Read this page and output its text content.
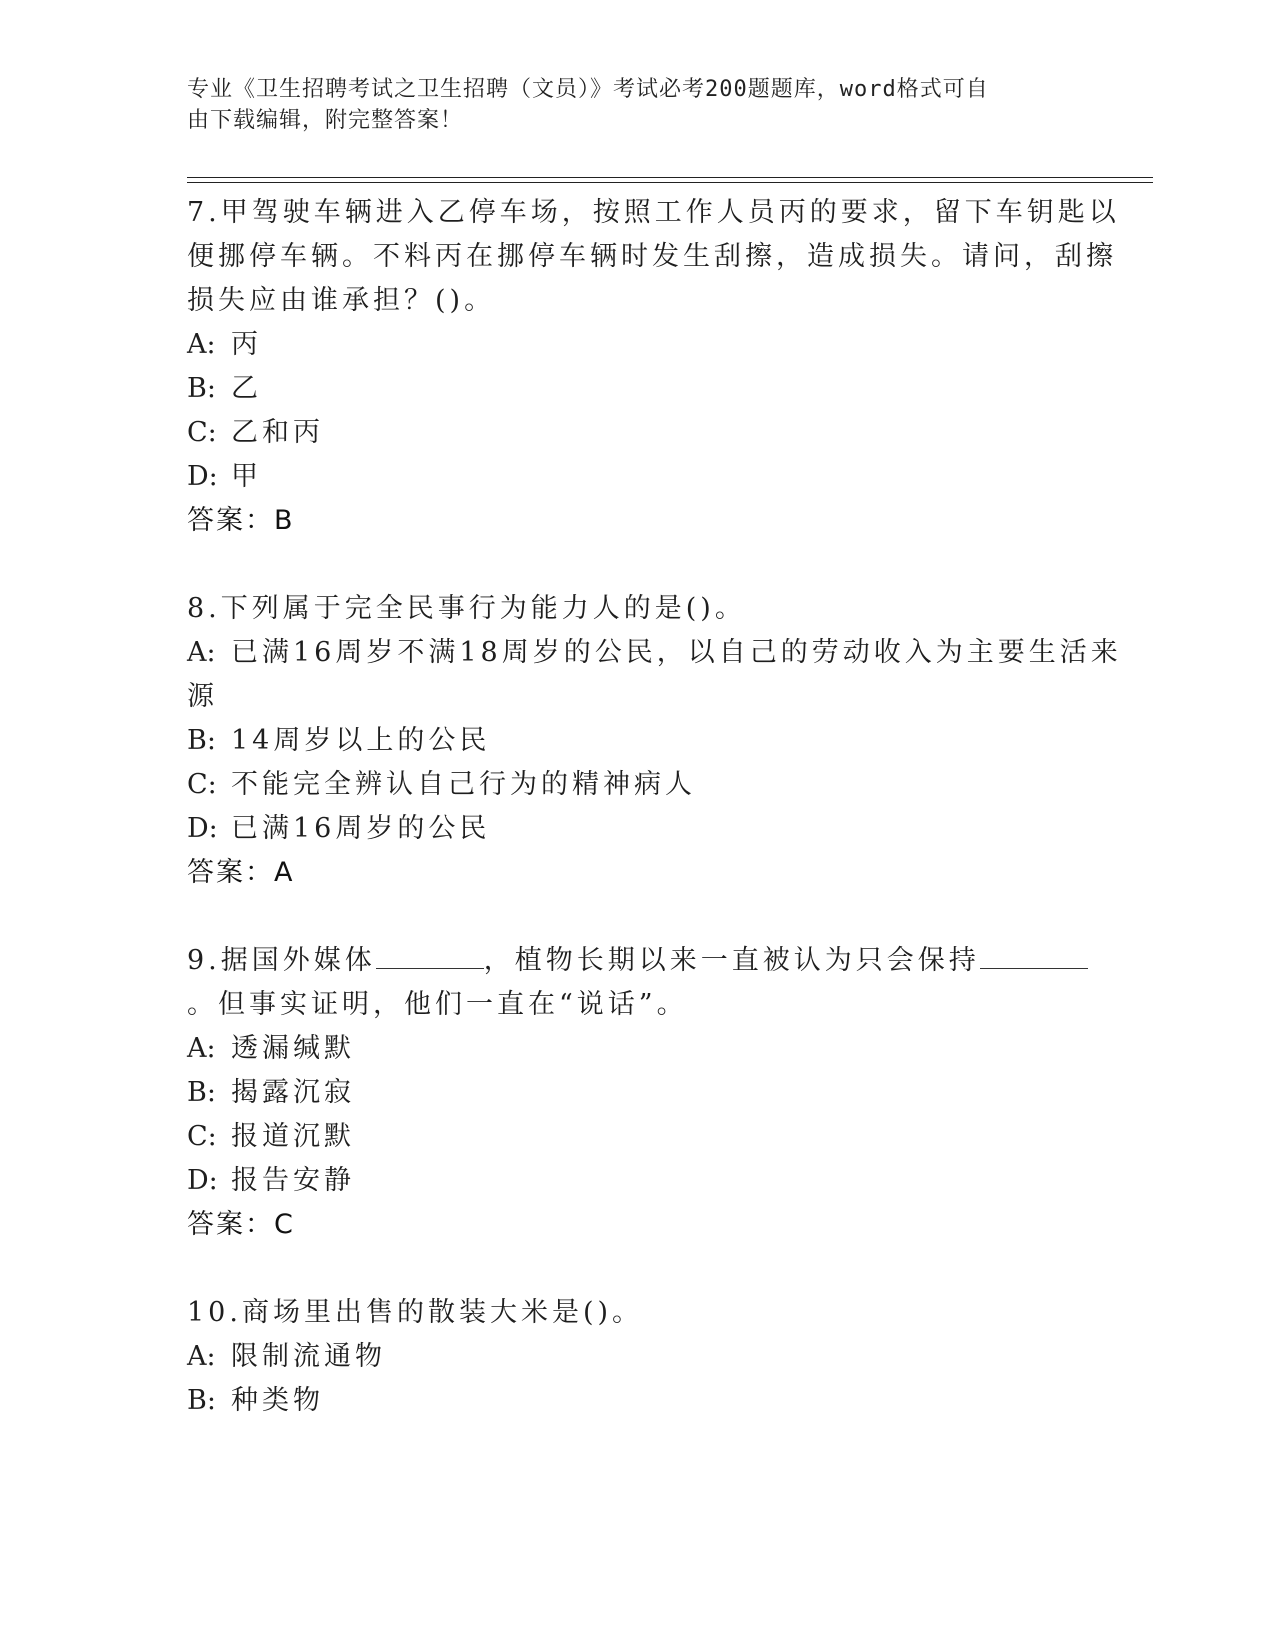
专业《卫生招聘考试之卫生招聘（文员）》考试必考200题题库，word格式可自
由下载编辑，附完整答案！
7.甲驾驶车辆进入乙停车场，按照工作人员丙的要求，留下车钥匙以
便挪停车辆。不料丙在挪停车辆时发生刮擦，造成损失。请问，刮擦
损失应由谁承担？()。
A: 丙
B: 乙
C: 乙和丙
D: 甲
答案：B
8.下列属于完全民事行为能力人的是()。
A: 已满16周岁不满18周岁的公民，以自己的劳动收入为主要生活来
源
B: 14周岁以上的公民
C: 不能完全辨认自己行为的精神病人
D: 已满16周岁的公民
答案：A
9.据国外媒体	，植物长期以来一直被认为只会保持
。但事实证明，他们一直在“说话”。
A: 透漏缄默
B: 揭露沉寂
C: 报道沉默
D: 报告安静
答案：C
10.商场里出售的散装大米是()。
A: 限制流通物
B: 种类物
